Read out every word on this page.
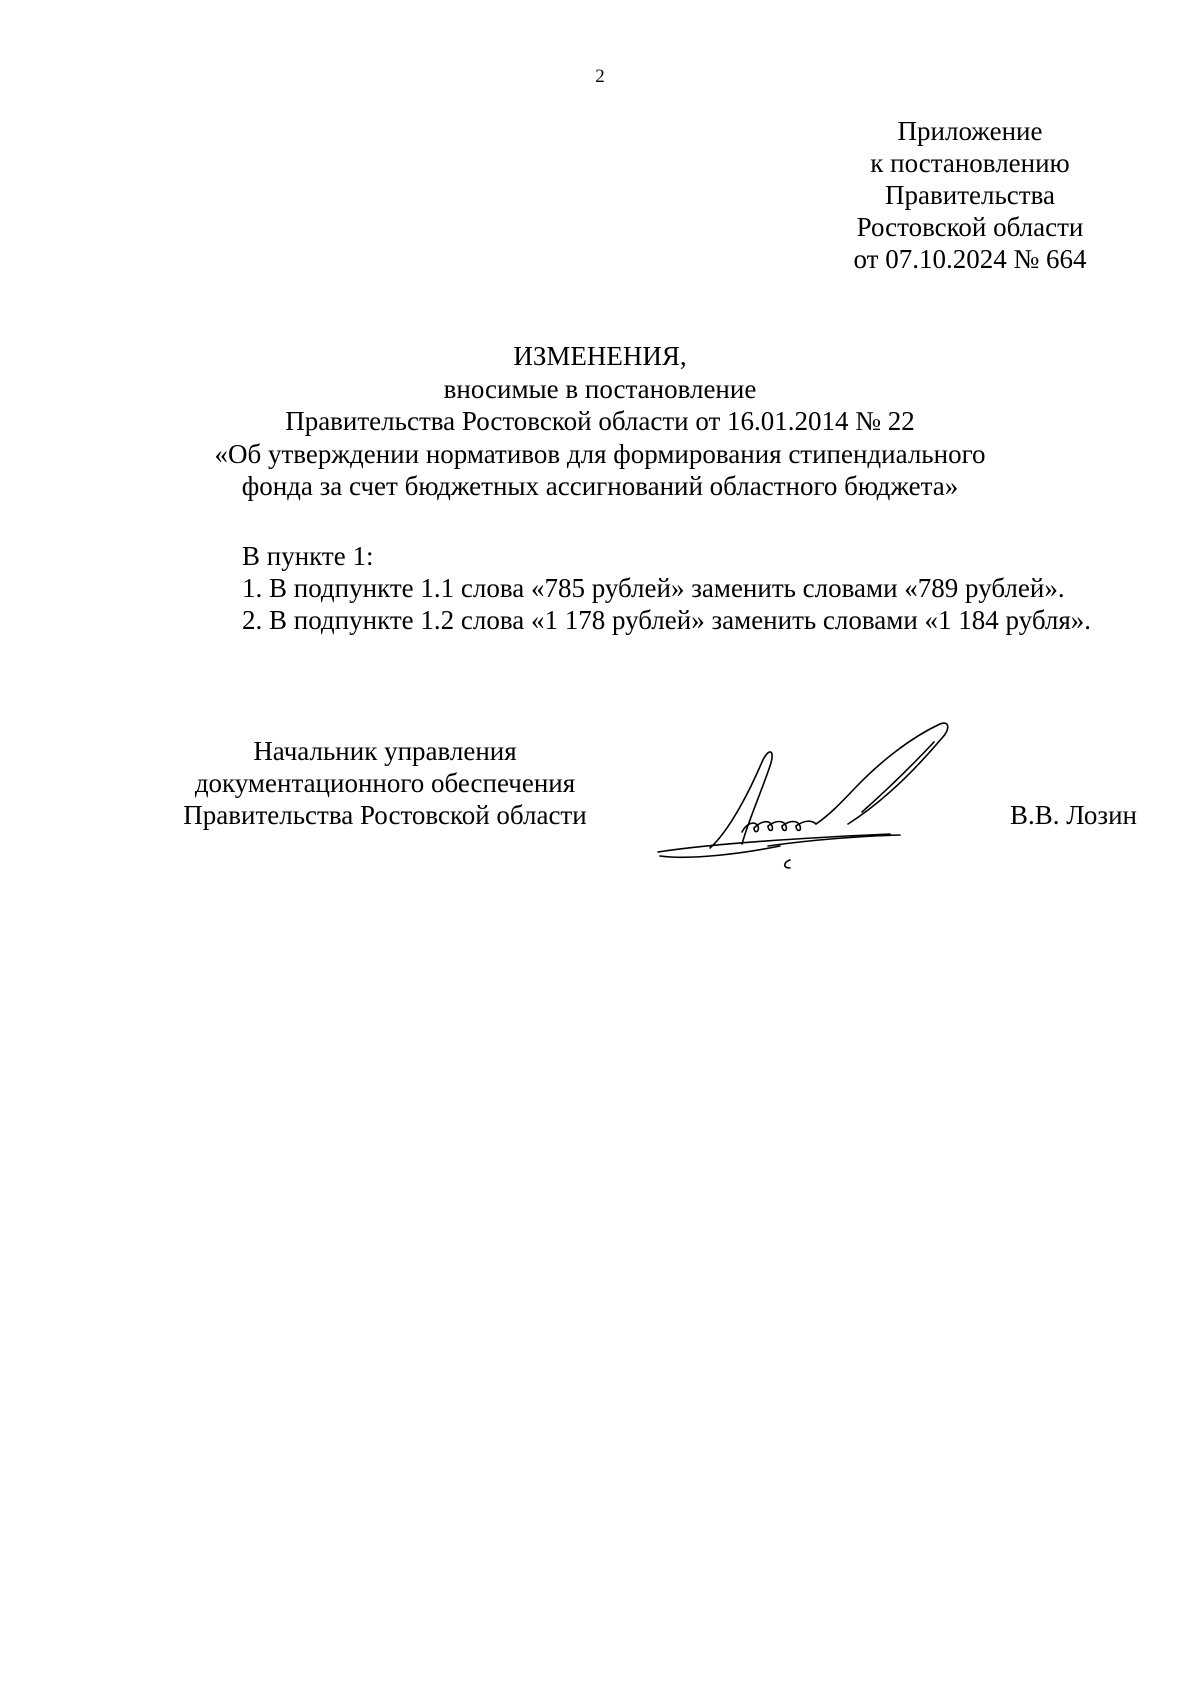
2
Приложение
к постановлению
Правительства
Ростовской области
от 07.10.2024 № 664
ИЗМЕНЕНИЯ,
вносимые в постановление
Правительства Ростовской области от 16.01.2014 № 22
«Об утверждении нормативов для формирования стипендиального
фонда за счет бюджетных ассигнований областного бюджета»
В пункте 1:
1. В подпункте 1.1 слова «785 рублей» заменить словами «789 рублей».
2. В подпункте 1.2 слова «1 178 рублей» заменить словами «1 184 рубля».
Начальник управления
документационного обеспечения
Правительства Ростовской области	В.В. Лозин
